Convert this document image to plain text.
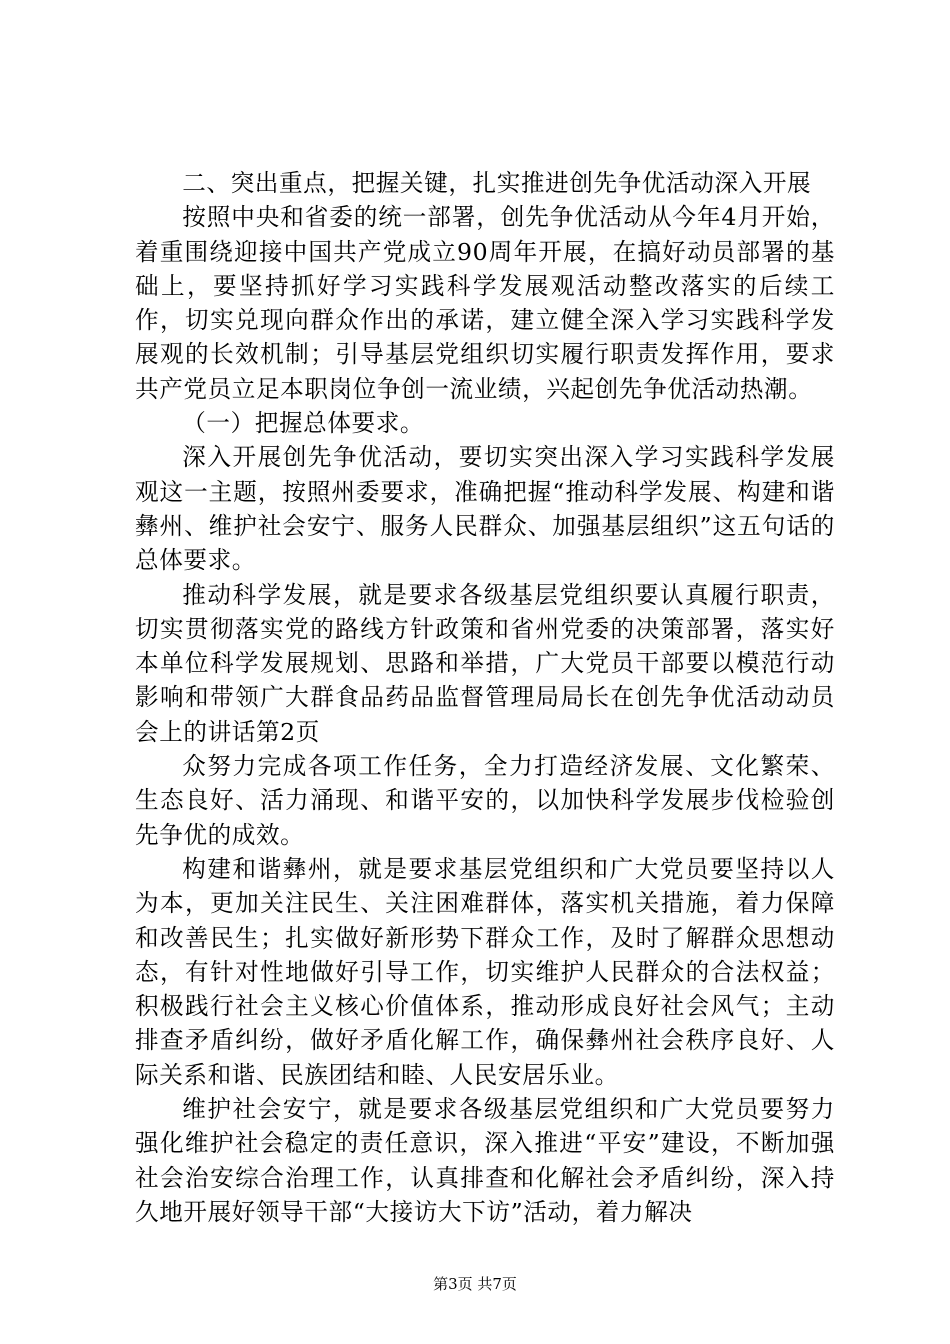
二、突出重点，把握关键，扎实推进创先争优活动深入开展

按照中央和省委的统一部署，创先争优活动从今年4月开始，着重围绕迎接中国共产党成立90周年开展，在搞好动员部署的基础上，要坚持抓好学习实践科学发展观活动整改落实的后续工作，切实兑现向群众作出的承诺，建立健全深入学习实践科学发展观的长效机制；引导基层党组织切实履行职责发挥作用，要求共产党员立足本职岗位争创一流业绩，兴起创先争优活动热潮。

（一）把握总体要求。

深入开展创先争优活动，要切实突出深入学习实践科学发展观这一主题，按照州委要求，准确把握“推动科学发展、构建和谐彝州、维护社会安宁、服务人民群众、加强基层组织”这五句话的总体要求。

推动科学发展，就是要求各级基层党组织要认真履行职责，切实贯彻落实党的路线方针政策和省州党委的决策部署，落实好本单位科学发展规划、思路和举措，广大党员干部要以模范行动影响和带领广大群食品药品监督管理局局长在创先争优活动动员会上的讲话第2页

众努力完成各项工作任务，全力打造经济发展、文化繁荣、生态良好、活力涌现、和谐平安的，以加快科学发展步伐检验创先争优的成效。

构建和谐彝州，就是要求基层党组织和广大党员要坚持以人为本，更加关注民生、关注困难群体，落实机关措施，着力保障和改善民生；扎实做好新形势下群众工作，及时了解群众思想动态，有针对性地做好引导工作，切实维护人民群众的合法权益；积极践行社会主义核心价值体系，推动形成良好社会风气；主动排查矛盾纠纷，做好矛盾化解工作，确保彝州社会秩序良好、人际关系和谐、民族团结和睦、人民安居乐业。

维护社会安宁，就是要求各级基层党组织和广大党员要努力强化维护社会稳定的责任意识，深入推进“平安”建设，不断加强社会治安综合治理工作，认真排查和化解社会矛盾纠纷，深入持久地开展好领导干部“大接访大下访”活动，着力解决

第3页 共7页
